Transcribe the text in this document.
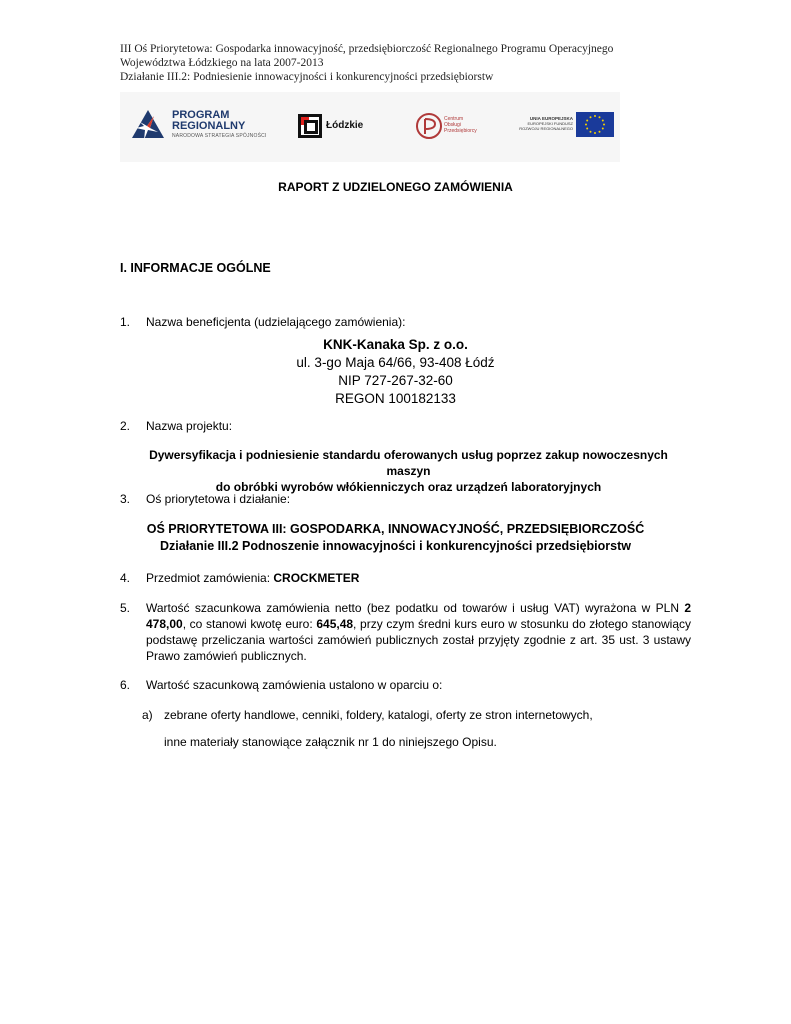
III Oś Priorytetowa: Gospodarka innowacyjność, przedsiębiorczość Regionalnego Programu Operacyjnego
Województwa Łódzkiego na lata 2007-2013
Działanie III.2: Podniesienie innowacyjności i konkurencyjności przedsiębiorstw
PROGRAM
REGIONALNY
NARODOWA STRATEGIA SPÓJNOŚCI
Łódzkie
Centrum
Obsługi
Przedsiębiorcy
UNIA EUROPEJSKA
EUROPEJSKI FUNDUSZ
ROZWOJU REGIONALNEGO
RAPORT Z UDZIELONEGO ZAMÓWIENIA
I. INFORMACJE OGÓLNE
1.	Nazwa beneficjenta (udzielającego zamówienia):
KNK-Kanaka Sp. z o.o.
ul. 3-go Maja 64/66, 93-408 Łódź
NIP 727-267-32-60
REGON 100182133
2.	Nazwa projektu:
Dywersyfikacja i podniesienie standardu oferowanych usług poprzez zakup nowoczesnych maszyn
do obróbki wyrobów włókienniczych oraz urządzeń laboratoryjnych
3.	Oś priorytetowa i działanie:
OŚ PRIORYTETOWA III: GOSPODARKA, INNOWACYJNOŚĆ, PRZEDSIĘBIORCZOŚĆ
Działanie III.2 Podnoszenie innowacyjności i konkurencyjności przedsiębiorstw
4.	Przedmiot zamówienia: CROCKMETER
5.	Wartość szacunkowa zamówienia netto (bez podatku od towarów i usług VAT) wyrażona w PLN 2 478,00, co stanowi kwotę euro: 645,48, przy czym średni kurs euro w stosunku do złotego stanowiący podstawę przeliczania wartości zamówień publicznych został przyjęty zgodnie z art. 35 ust. 3 ustawy Prawo zamówień publicznych.
6.	Wartość szacunkową zamówienia ustalono w oparciu o:
a) zebrane oferty handlowe, cenniki, foldery, katalogi, oferty ze stron internetowych,
inne materiały stanowiące załącznik nr 1 do niniejszego Opisu.
